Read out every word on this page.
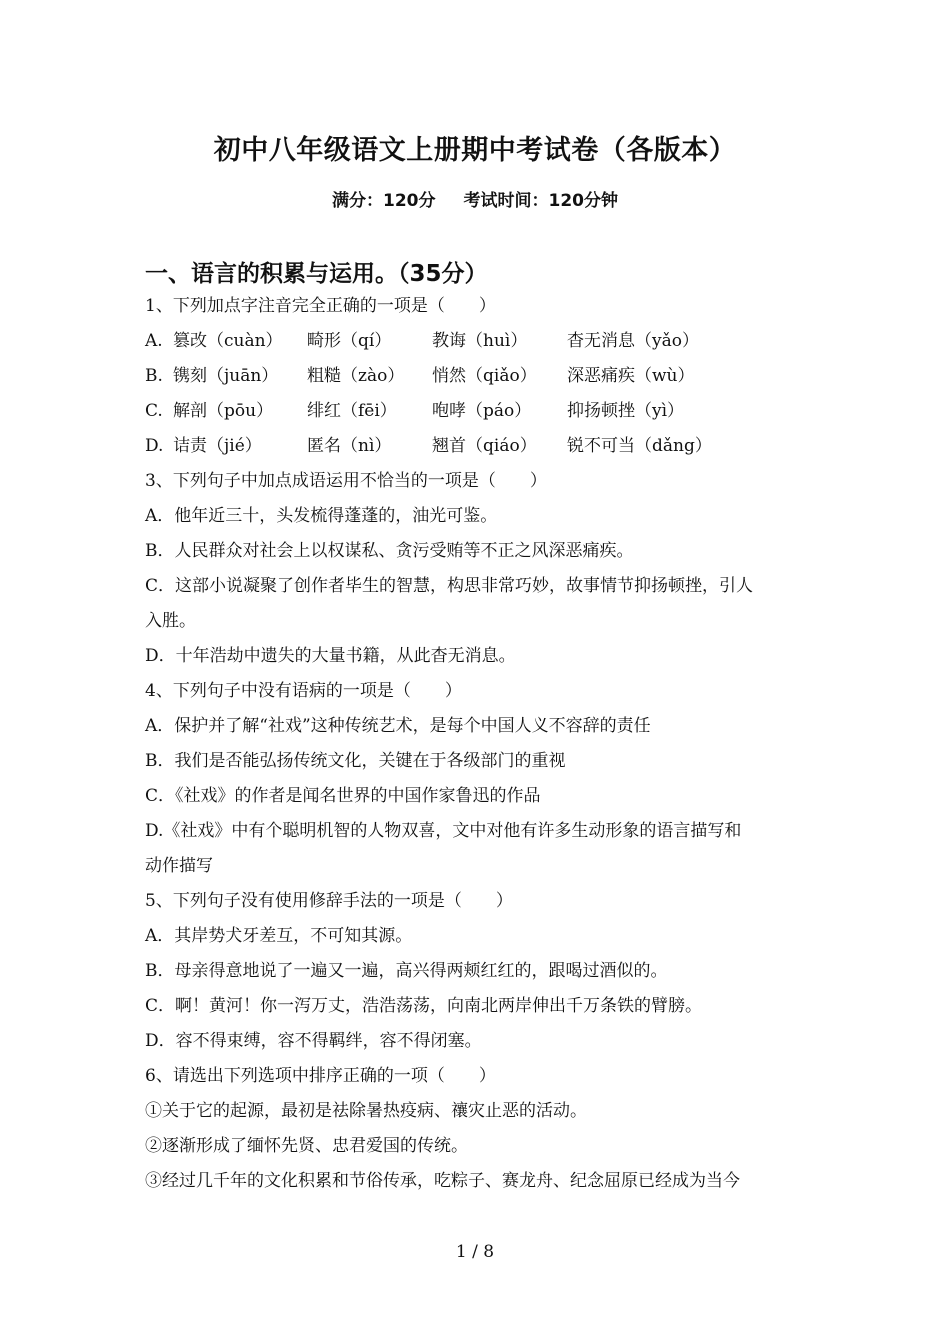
初中八年级语文上册期中考试卷（各版本）
满分：120分 考试时间：120分钟
一、语言的积累与运用。（35分）
1、下列加点字注音完全正确的一项是（　　）
A. 篡改（cuàn）	畸形（qí）	教诲（huì）	杳无消息（yǎo）
B. 镌刻（juān）	粗糙（zào）	悄然（qiǎo）	深恶痛疾（wù）
C. 解剖（pōu）	绯红（fēi）	咆哮（páo）	抑扬顿挫（yì）
D. 诘责（jié）	匿名（nì）	翘首（qiáo）	锐不可当（dǎng）
3、下列句子中加点成语运用不恰当的一项是（　　）
A．他年近三十，头发梳得蓬蓬的，油光可鉴。
B．人民群众对社会上以权谋私、贪污受贿等不正之风深恶痛疾。
C．这部小说凝聚了创作者毕生的智慧，构思非常巧妙，故事情节抑扬顿挫，引人
入胜。
D．十年浩劫中遗失的大量书籍，从此杳无消息。
4、下列句子中没有语病的一项是（　　）
A．保护并了解“社戏”这种传统艺术，是每个中国人义不容辞的责任
B．我们是否能弘扬传统文化，关键在于各级部门的重视
C．《社戏》的作者是闻名世界的中国作家鲁迅的作品
D.《社戏》中有个聪明机智的人物双喜，文中对他有许多生动形象的语言描写和
动作描写
5、下列句子没有使用修辞手法的一项是（　　）
A．其岸势犬牙差互，不可知其源。
B．母亲得意地说了一遍又一遍，高兴得两颊红红的，跟喝过酒似的。
C．啊！黄河！你一泻万丈，浩浩荡荡，向南北两岸伸出千万条铁的臂膀。
D．容不得束缚，容不得羁绊，容不得闭塞。
6、请选出下列选项中排序正确的一项（　　）
①关于它的起源，最初是祛除暑热疫病、禳灾止恶的活动。
②逐渐形成了缅怀先贤、忠君爱国的传统。
③经过几千年的文化积累和节俗传承，吃粽子、赛龙舟、纪念屈原已经成为当今
1 / 8
